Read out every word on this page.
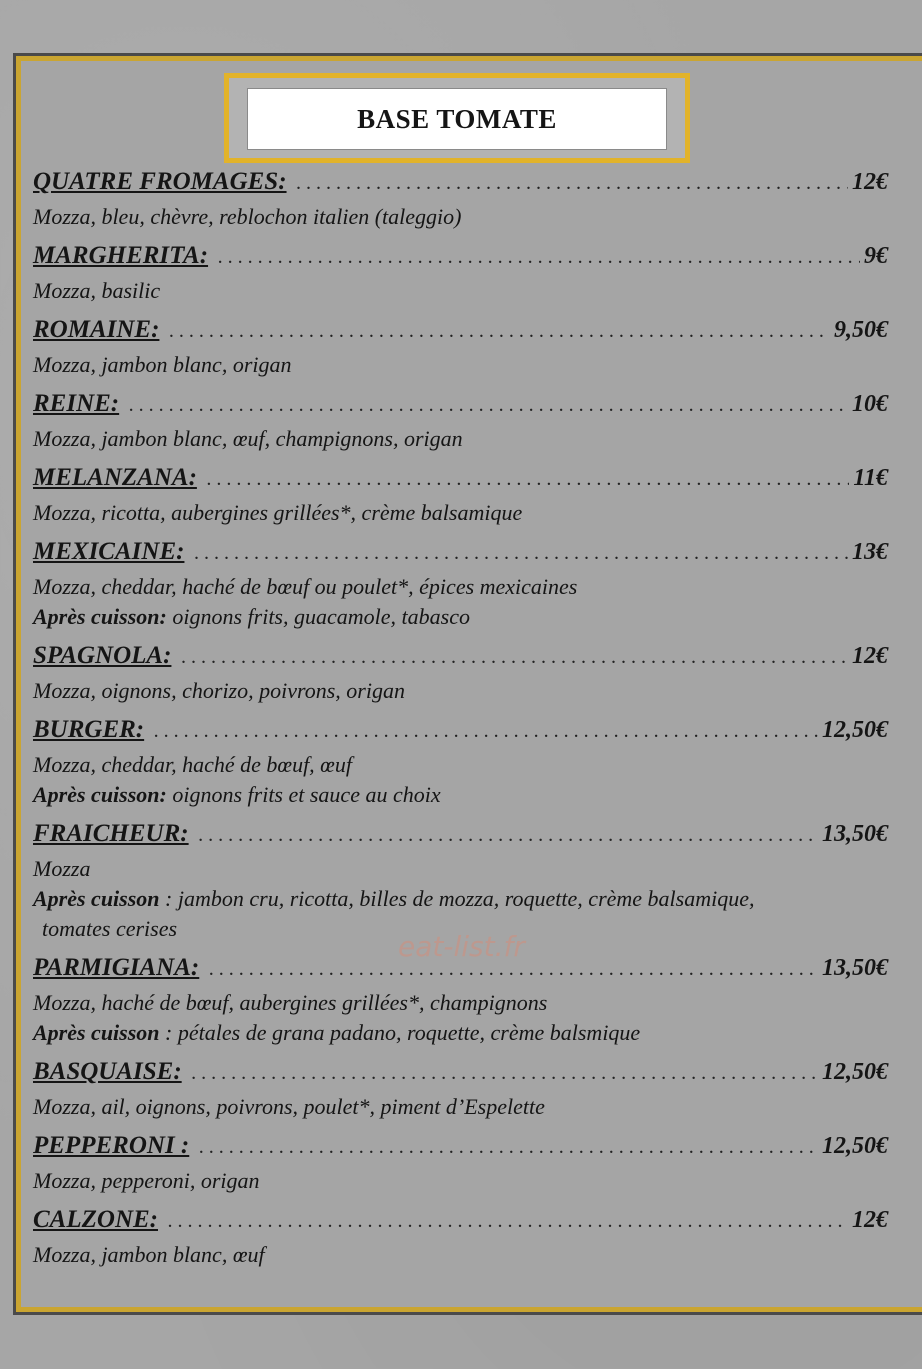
BASE TOMATE
QUATRE FROMAGES: . . .	12€
Mozza, bleu, chèvre, reblochon italien (taleggio)
MARGHERITA: . . .	9€
Mozza, basilic
ROMAINE: . . .	9,50€
Mozza, jambon blanc, origan
REINE: . . .	10€
Mozza, jambon blanc, œuf, champignons, origan
MELANZANA: . . .	11€
Mozza, ricotta, aubergines grillées*, crème balsamique
MEXICAINE: . . .	13€
Mozza, cheddar, haché de bœuf ou poulet*, épices mexicaines
Après cuisson: oignons frits, guacamole, tabasco
SPAGNOLA: . . .	12€
Mozza, oignons, chorizo, poivrons, origan
BURGER: . . .	12,50€
Mozza, cheddar, haché de bœuf, œuf
Après cuisson: oignons frits et sauce au choix
FRAICHEUR: . . .	13,50€
Mozza
Après cuisson : jambon cru, ricotta, billes de mozza, roquette, crème balsamique,
tomates cerises
PARMIGIANA: . . .	13,50€
Mozza, haché de bœuf, aubergines grillées*, champignons
Après cuisson : pétales de grana padano, roquette, crème balsmique
BASQUAISE: . . .	12,50€
Mozza, ail, oignons, poivrons, poulet*, piment d’Espelette
PEPPERONI : . . .	12,50€
Mozza, pepperoni, origan
CALZONE: . . .	12€
Mozza, jambon blanc, œuf
eat-list.fr
